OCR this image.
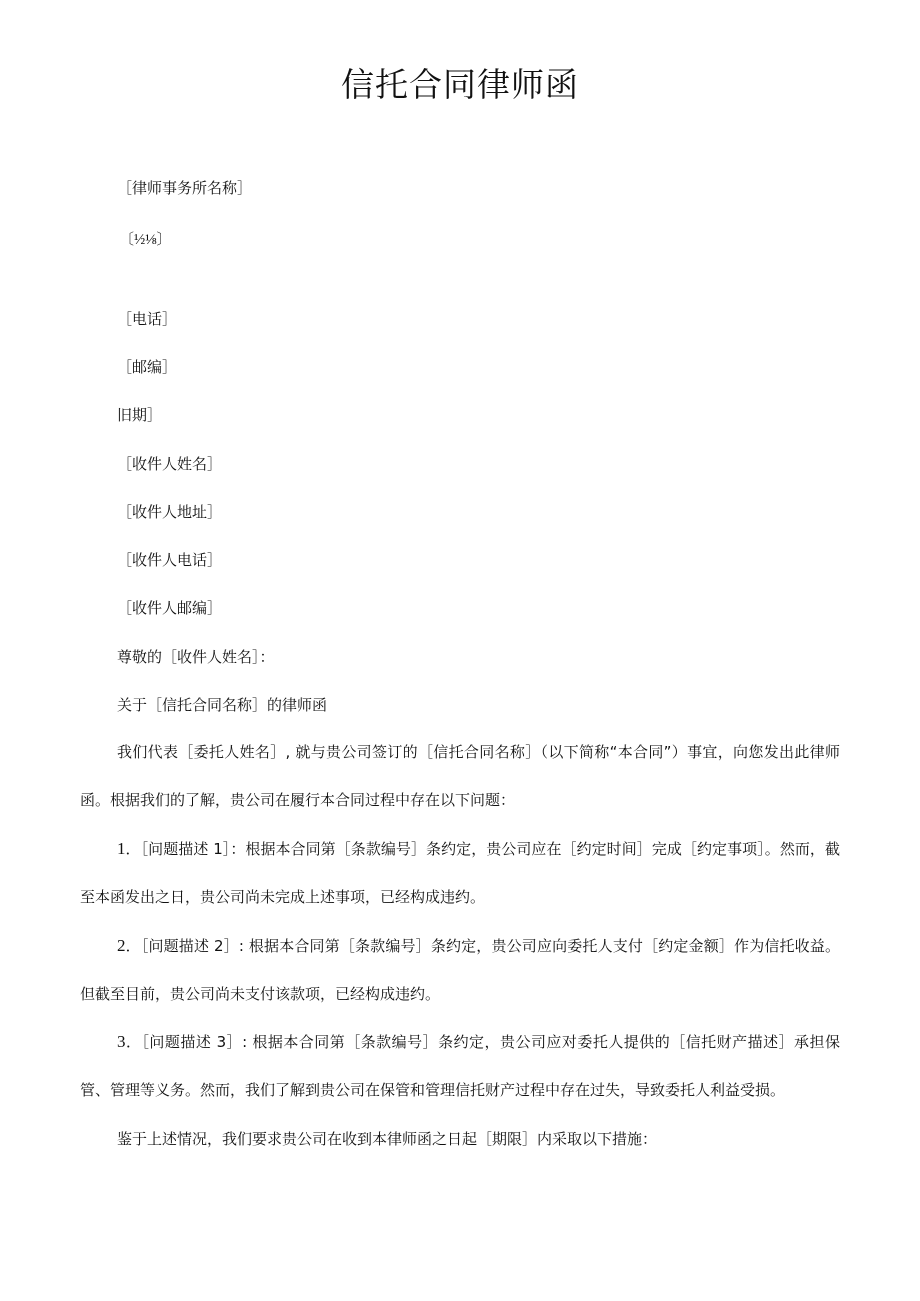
信托合同律师函
［律师事务所名称］
〔½⅛〕
［电话］
［邮编］
旧期］
［收件人姓名］
［收件人地址］
［收件人电话］
［收件人邮编］
尊敬的［收件人姓名］：
关于［信托合同名称］的律师函

我们代表［委托人姓名］, 就与贵公司签订的［信托合同名称］（以下简称“本合同”）事宜，向您发出此律师函。根据我们的了解，贵公司在履行本合同过程中存在以下问题：

1．［问题描述 1］：根据本合同第［条款编号］条约定，贵公司应在［约定时间］完成［约定事项］。然而，截至本函发出之日，贵公司尚未完成上述事项，已经构成违约。

2．［问题描述 2］: 根据本合同第［条款编号］条约定，贵公司应向委托人支付［约定金额］作为信托收益。但截至目前，贵公司尚未支付该款项，已经构成违约。

3．［问题描述 3］: 根据本合同第［条款编号］条约定，贵公司应对委托人提供的［信托财产描述］承担保管、管理等义务。然而，我们了解到贵公司在保管和管理信托财产过程中存在过失，导致委托人利益受损。

鉴于上述情况，我们要求贵公司在收到本律师函之日起［期限］内采取以下措施：
